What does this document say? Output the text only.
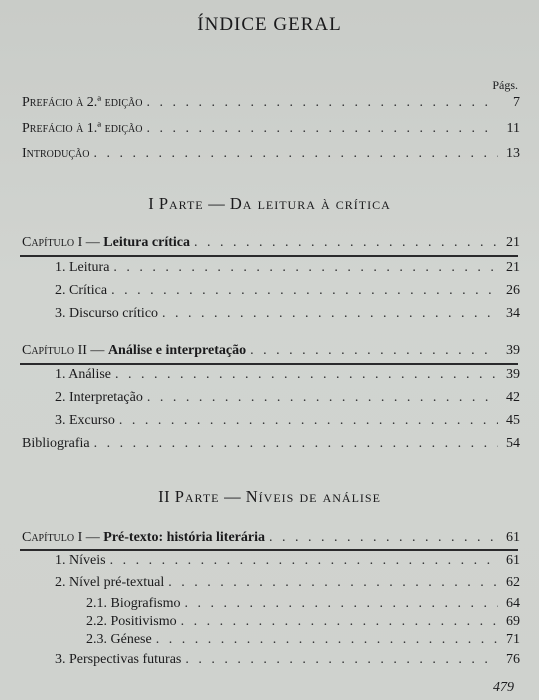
ÍNDICE GERAL
Págs.
Prefácio à 2.ª edição . . .	7
Prefácio à 1.ª edição . . .	11
Introdução . . .	13
I Parte — Da leitura à crítica
Capítulo I — Leitura crítica . . .	21
1. Leitura . . .	21
2. Crítica . . .	26
3. Discurso crítico . . .	34
Capítulo II — Análise e interpretação . . .	39
1. Análise . . .	39
2. Interpretação . . .	42
3. Excurso . . .	45
Bibliografia . . .	54
II Parte — Níveis de análise
Capítulo I — Pré-texto: história literária . . .	61
1. Níveis . . .	61
2. Nível pré-textual . . .	62
2.1. Biografismo . . .	64
2.2. Positivismo . . .	69
2.3. Génese . . .	71
3. Perspectivas futuras . . .	76
479
